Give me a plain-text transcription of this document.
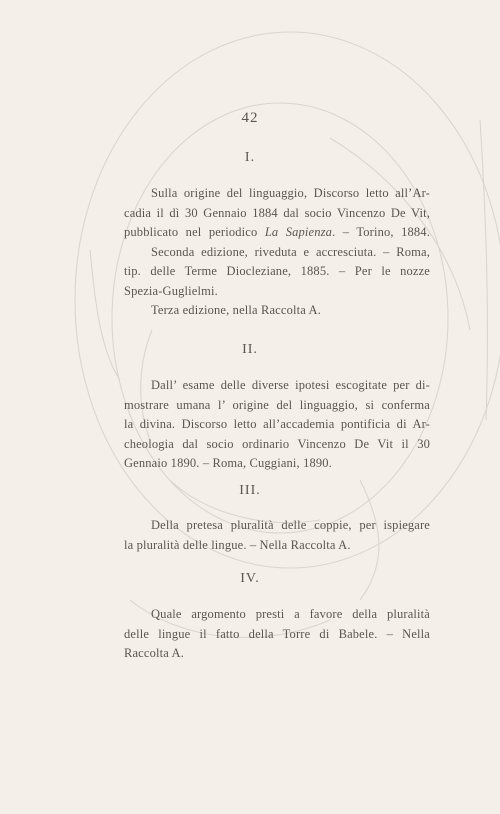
42
I.
Sulla origine del linguaggio, Discorso letto all’Ar-
cadia il dì 30 Gennaio 1884 dal socio Vincenzo De Vit,
pubblicato nel periodico La Sapienza. – Torino, 1884.
Seconda edizione, riveduta e accresciuta. – Roma,
tip. delle Terme Diocleziane, 1885. – Per le nozze
Spezia-Guglielmi.
Terza edizione, nella Raccolta A.
II.
Dall’ esame delle diverse ipotesi escogitate per di-
mostrare umana l’ origine del linguaggio, si conferma
la divina. Discorso letto all’accademia pontificia di Ar-
cheologia dal socio ordinario Vincenzo De Vit il 30
Gennaio 1890. – Roma, Cuggiani, 1890.
III.
Della pretesa pluralità delle coppie, per ispiegare
la pluralità delle lingue. – Nella Raccolta A.
IV.
Quale argomento presti a favore della pluralità
delle lingue il fatto della Torre di Babele. – Nella
Raccolta A.
